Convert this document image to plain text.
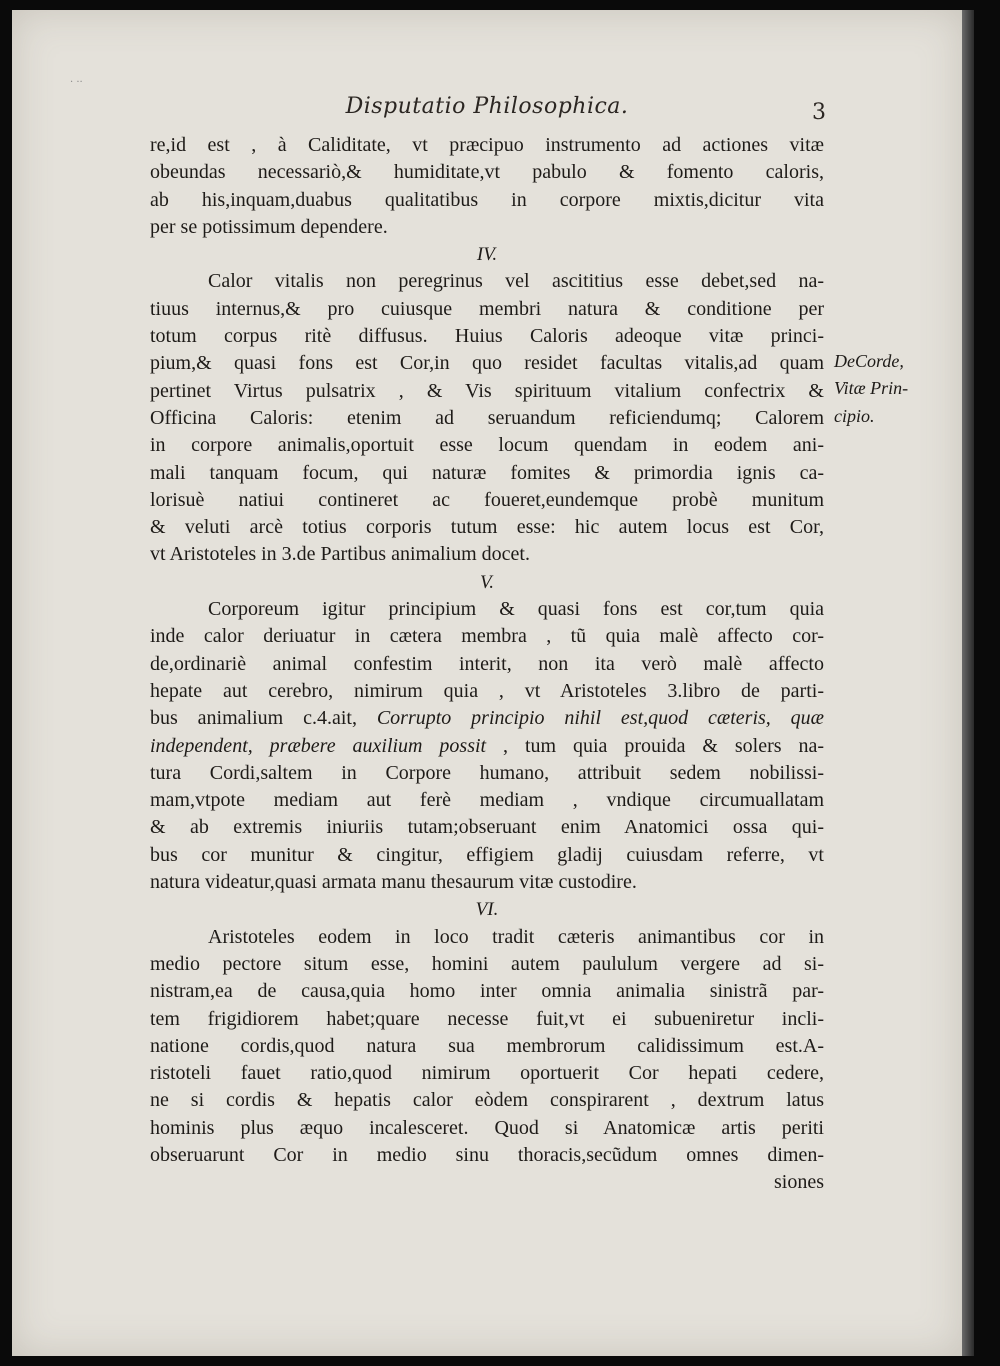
. ..
Disputatio Philosophica.	3
re,id est , à Caliditate, vt præcipuo instrumento ad actiones vitæ
obeundas necessariò,& humiditate,vt pabulo & fomento caloris,
ab his,inquam,duabus qualitatibus in corpore mixtis,dicitur vita
per se potissimum dependere.
IV.
Calor vitalis non peregrinus vel ascititius esse debet,sed na-
tiuus internus,& pro cuiusque membri natura & conditione per
totum corpus ritè diffusus. Huius Caloris adeoque vitæ princi-
pium,& quasi fons est Cor,in quo residet facultas vitalis,ad quam
pertinet Virtus pulsatrix , & Vis spirituum vitalium confectrix &
Officina Caloris: etenim ad seruandum reficiendumq; Calorem
in corpore animalis,oportuit esse locum quendam in eodem ani-
mali tanquam focum, qui naturæ fomites & primordia ignis ca-
lorisuè natiui contineret ac foueret,eundemque probè munitum
& veluti arcè totius corporis tutum esse: hic autem locus est Cor,
vt Aristoteles in 3.de Partibus animalium docet.
V.
Corporeum igitur principium & quasi fons est cor,tum quia
inde calor deriuatur in cætera membra , tũ quia malè affecto cor-
de,ordinariè animal confestim interit, non ita verò malè affecto
hepate aut cerebro, nimirum quia , vt Aristoteles 3.libro de parti-
bus animalium c.4.ait, Corrupto principio nihil est,quod cæteris, quæ
independent, præbere auxilium possit , tum quia prouida & solers na-
tura Cordi,saltem in Corpore humano, attribuit sedem nobilissi-
mam,vtpote mediam aut ferè mediam , vndique circumuallatam
& ab extremis iniuriis tutam;obseruant enim Anatomici ossa qui-
bus cor munitur & cingitur, effigiem gladij cuiusdam referre, vt
natura videatur,quasi armata manu thesaurum vitæ custodire.
VI.
Aristoteles eodem in loco tradit cæteris animantibus cor in
medio pectore situm esse, homini autem paululum vergere ad si-
nistram,ea de causa,quia homo inter omnia animalia sinistrã par-
tem frigidiorem habet;quare necesse fuit,vt ei subueniretur incli-
natione cordis,quod natura sua membrorum calidissimum est.A-
ristoteli fauet ratio,quod nimirum oportuerit Cor hepati cedere,
ne si cordis & hepatis calor eòdem conspirarent , dextrum latus
hominis plus æquo incalesceret. Quod si Anatomicæ artis periti
obseruarunt Cor in medio sinu thoracis,secũdum omnes dimen-
siones
DeCorde,
Vitæ Prin-
cipio.
